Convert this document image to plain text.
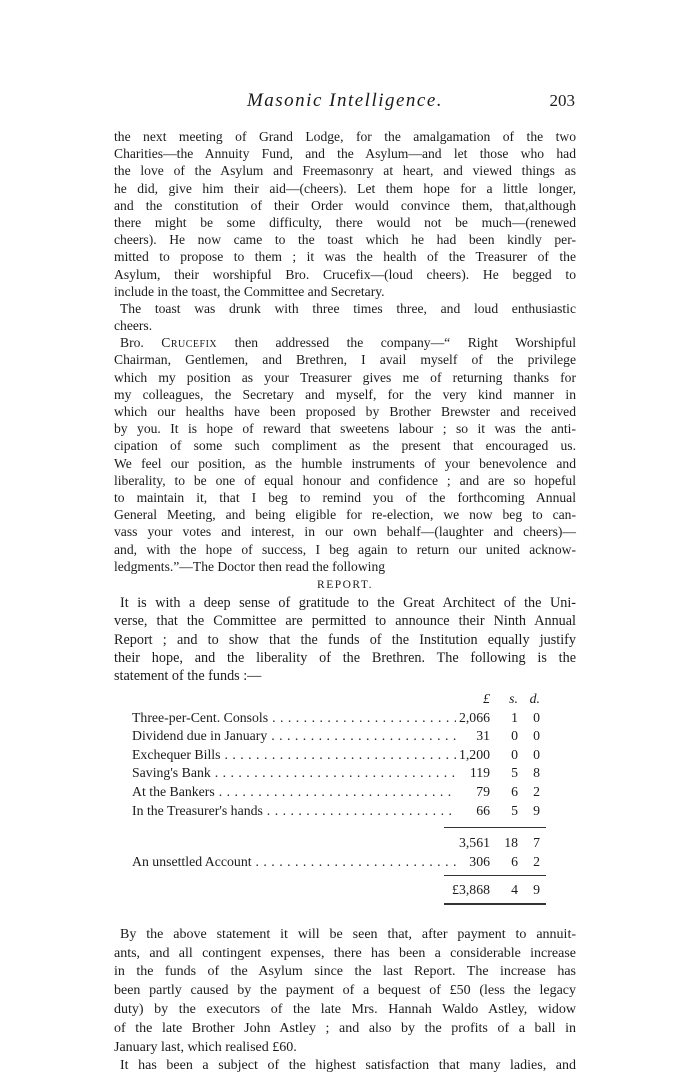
Masonic Intelligence.	203
the next meeting of Grand Lodge, for the amalgamation of the two
Charities—the Annuity Fund, and the Asylum—and let those who had
the love of the Asylum and Freemasonry at heart, and viewed things as
he did, give him their aid—(cheers). Let them hope for a little longer,
and the constitution of their Order would convince them, that,although
there might be some difficulty, there would not be much—(renewed
cheers). He now came to the toast which he had been kindly per-
mitted to propose to them ; it was the health of the Treasurer of the
Asylum, their worshipful Bro. Crucefix—(loud cheers). He begged to
include in the toast, the Committee and Secretary.
The toast was drunk with three times three, and loud enthusiastic
cheers.
Bro. Crucefix then addressed the company—“ Right Worshipful
Chairman, Gentlemen, and Brethren, I avail myself of the privilege
which my position as your Treasurer gives me of returning thanks for
my colleagues, the Secretary and myself, for the very kind manner in
which our healths have been proposed by Brother Brewster and received
by you. It is hope of reward that sweetens labour ; so it was the anti-
cipation of some such compliment as the present that encouraged us.
We feel our position, as the humble instruments of your benevolence and
liberality, to be one of equal honour and confidence ; and are so hopeful
to maintain it, that I beg to remind you of the forthcoming Annual
General Meeting, and being eligible for re-election, we now beg to can-
vass your votes and interest, in our own behalf—(laughter and cheers)—
and, with the hope of success, I beg again to return our united acknow-
ledgments.”—The Doctor then read the following
REPORT.
It is with a deep sense of gratitude to the Great Architect of the Uni-
verse, that the Committee are permitted to announce their Ninth Annual
Report ; and to show that the funds of the Institution equally justify
their hope, and the liberality of the Brethren. The following is the
statement of the funds :—
£	s. d.
Three-per-Cent. Consols . . .	2,066	1	0
Dividend due in January . . .	31	0	0
Exchequer Bills . . .	1,200	0	0
Saving's Bank . . .	119	5	8
At the Bankers . . .	79	6	2
In the Treasurer's hands . . .	66	5	9
3,561	18	7
An unsettled Account . . .	306	6	2
£3,868	4	9
By the above statement it will be seen that, after payment to annuit-
ants, and all contingent expenses, there has been a considerable increase
in the funds of the Asylum since the last Report. The increase has
been partly caused by the payment of a bequest of £50 (less the legacy
duty) by the executors of the late Mrs. Hannah Waldo Astley, widow
of the late Brother John Astley ; and also by the profits of a ball in
January last, which realised £60.
It has been a subject of the highest satisfaction that many ladies, and
